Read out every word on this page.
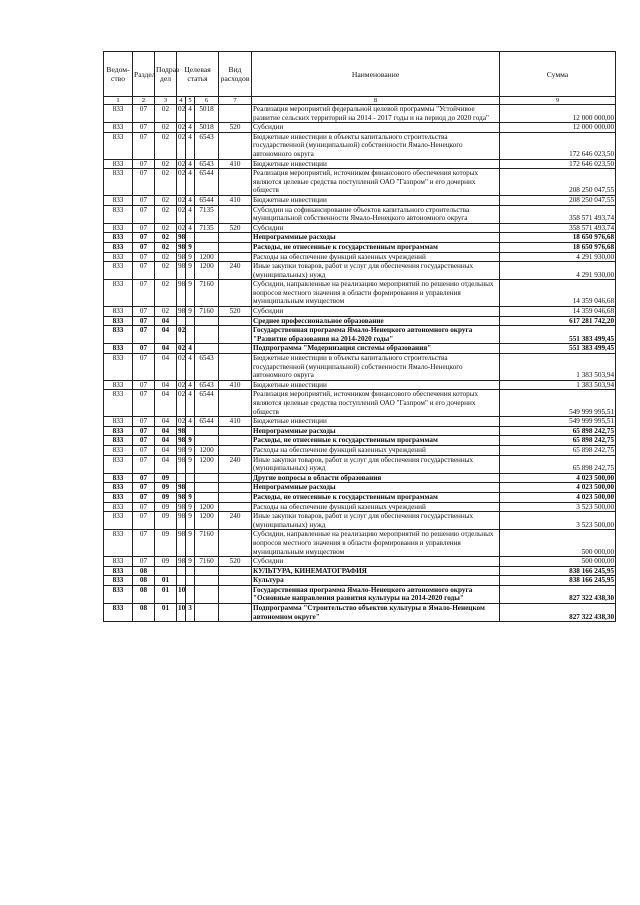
Ведом-ство	Раздел	Подраз дел	Целевая статья			Вид расходов	Наименование	Сумма
1	2	3	4	5	6	7	8	9
833	07	02	02	4	5018		Реализация мероприятий федеральной целевой программы "Устойчивое развитие сельских территорий на 2014 - 2017 годы и на период до 2020 года"	12 000 000,00
833	07	02	02	4	5018	520	Субсидии	12 000 000,00
833	07	02	02	4	6543		Бюджетные инвестиции в объекты капитального строительства государственной (муниципальной) собственности Ямало-Ненецкого автономного округа	172 646 023,50
833	07	02	02	4	6543	410	Бюджетные инвестиции	172 646 023,50
833	07	02	02	4	6544		Реализация мероприятий, источником финансового обеспечения которых являются целевые средства поступлений ОАО "Газпром" и его дочерних обществ	208 250 047,55
833	07	02	02	4	6544	410	Бюджетные инвестиции	208 250 047,55
833	07	02	02	4	7135		Субсидии на софинансирование объектов капитального строительства муниципальной собственности Ямало-Ненецкого автономного округа	358 571 493,74
833	07	02	02	4	7135	520	Субсидии	358 571 493,74
833	07	02	98				Непрограммные расходы	18 650 976,68
833	07	02	98	9			Расходы, не отнесенные к государственным программам	18 650 976,68
833	07	02	98	9	1200		Расходы на обеспечение функций казенных учреждений	4 291 930,00
833	07	02	98	9	1200	240	Иные закупки товаров, работ и услуг для обеспечения государственных (муниципальных) нужд	4 291 930,00
833	07	02	98	9	7160		Субсидии, направленные на реализацию мероприятий по решению отдельных вопросов местного значения в области формирования и управления муниципальным имуществом	14 359 046,68
833	07	02	98	9	7160	520	Субсидии	14 359 046,68
833	07	04					Среднее профессиональное образование	617 281 742,20
833	07	04	02				Государственная программа Ямало-Ненецкого автономного округа "Развитие образования на 2014-2020 годы"	551 383 499,45
833	07	04	02	4			Подпрограмма "Модернизация системы образования"	551 383 499,45
833	07	04	02	4	6543		Бюджетные инвестиции в объекты капитального строительства государственной (муниципальной) собственности Ямало-Ненецкого автономного округа	1 383 503,94
833	07	04	02	4	6543	410	Бюджетные инвестиции	1 383 503,94
833	07	04	02	4	6544		Реализация мероприятий, источником финансового обеспечения которых являются целевые средства поступлений ОАО "Газпром" и его дочерних обществ	549 999 995,51
833	07	04	02	4	6544	410	Бюджетные инвестиции	549 999 995,51
833	07	04	98				Непрограммные расходы	65 898 242,75
833	07	04	98	9			Расходы, не отнесенные к государственным программам	65 898 242,75
833	07	04	98	9	1200		Расходы на обеспечение функций казенных учреждений	65 898 242,75
833	07	04	98	9	1200	240	Иные закупки товаров, работ и услуг для обеспечения государственных (муниципальных) нужд	65 898 242,75
833	07	09					Другие вопросы в области образования	4 023 500,00
833	07	09	98				Непрограммные расходы	4 023 500,00
833	07	09	98	9			Расходы, не отнесенные к государственным программам	4 023 500,00
833	07	09	98	9	1200		Расходы на обеспечение функций казенных учреждений	3 523 500,00
833	07	09	98	9	1200	240	Иные закупки товаров, работ и услуг для обеспечения государственных (муниципальных) нужд	3 523 500,00
833	07	09	98	9	7160		Субсидии, направленные на реализацию мероприятий по решению отдельных вопросов местного значения в области формирования и управления муниципальным имуществом	500 000,00
833	07	09	98	9	7160	520	Субсидии	500 000,00
833	08						КУЛЬТУРА, КИНЕМАТОГРАФИЯ	838 166 245,95
833	08	01					Культура	838 166 245,95
833	08	01	10				Государственная программа Ямало-Ненецкого автономного округа "Основные направления развития культуры на 2014-2020 годы"	827 322 438,30
833	08	01	10	3			Подпрограмма "Строительство объектов культуры в Ямало-Ненецком автономном округе"	827 322 438,30
